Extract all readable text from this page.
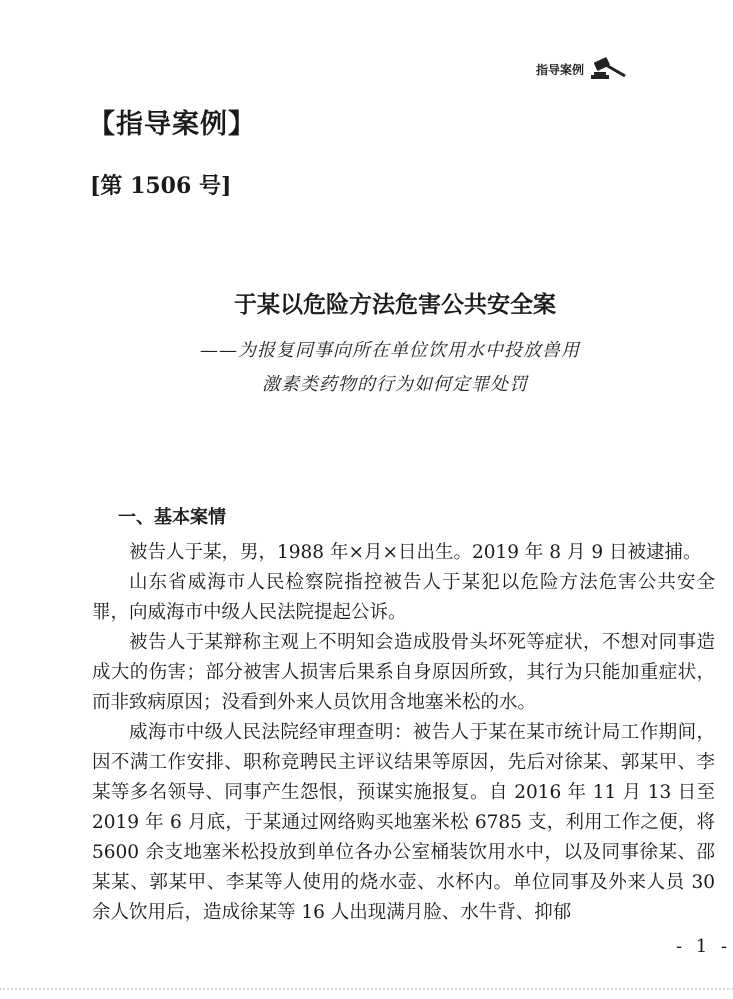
指导案例
【指导案例】
[第 1506 号]
于某以危险方法危害公共安全案
——为报复同事向所在单位饮用水中投放兽用
激素类药物的行为如何定罪处罚
一、基本案情

被告人于某，男，1988 年×月×日出生。2019 年 8 月 9 日被逮捕。

山东省威海市人民检察院指控被告人于某犯以危险方法危害公共安全罪，向威海市中级人民法院提起公诉。

被告人于某辩称主观上不明知会造成股骨头坏死等症状，不想对同事造成大的伤害；部分被害人损害后果系自身原因所致，其行为只能加重症状，而非致病原因；没看到外来人员饮用含地塞米松的水。

威海市中级人民法院经审理查明：被告人于某在某市统计局工作期间，因不满工作安排、职称竞聘民主评议结果等原因，先后对徐某、郭某甲、李某等多名领导、同事产生怨恨，预谋实施报复。自 2016 年 11 月 13 日至 2019 年 6 月底，于某通过网络购买地塞米松 6785 支，利用工作之便，将 5600 余支地塞米松投放到单位各办公室桶装饮用水中，以及同事徐某、邵某某、郭某甲、李某等人使用的烧水壶、水杯内。单位同事及外来人员 30 余人饮用后，造成徐某等 16 人出现满月脸、水牛背、抑郁

- 1 -
